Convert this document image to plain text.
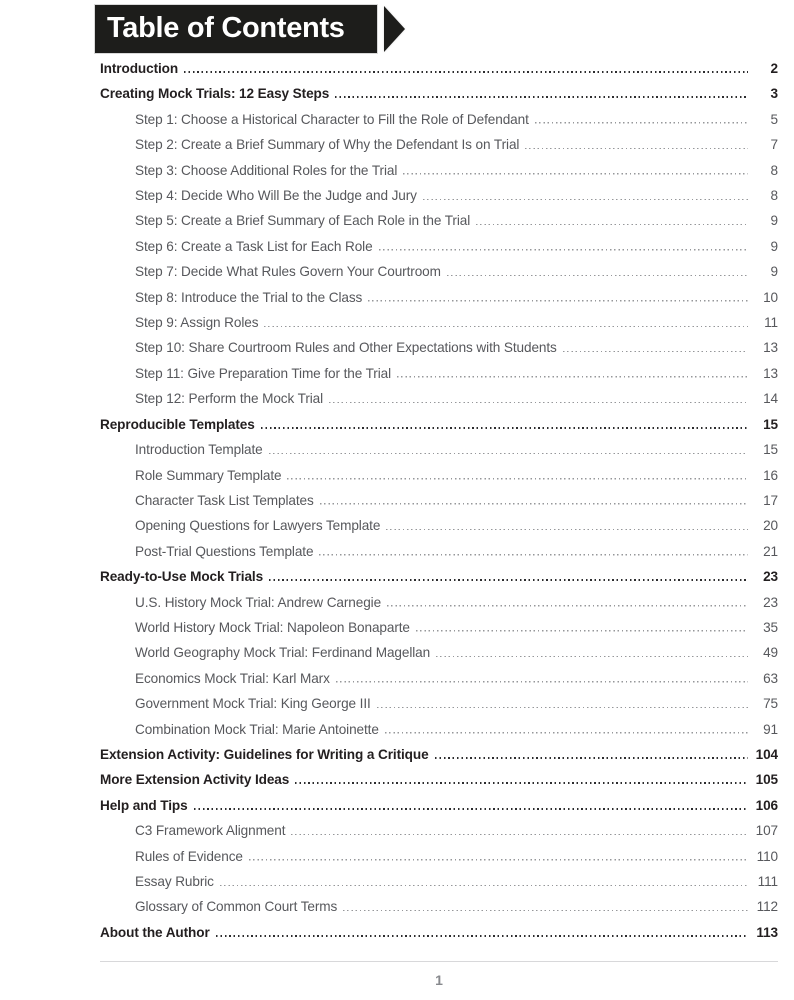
Table of Contents
Introduction	2
Creating Mock Trials: 12 Easy Steps	3
Step 1: Choose a Historical Character to Fill the Role of Defendant	5
Step 2: Create a Brief Summary of Why the Defendant Is on Trial	7
Step 3: Choose Additional Roles for the Trial	8
Step 4: Decide Who Will Be the Judge and Jury	8
Step 5: Create a Brief Summary of Each Role in the Trial	9
Step 6: Create a Task List for Each Role	9
Step 7: Decide What Rules Govern Your Courtroom	9
Step 8: Introduce the Trial to the Class	10
Step 9: Assign Roles	11
Step 10: Share Courtroom Rules and Other Expectations with Students	13
Step 11: Give Preparation Time for the Trial	13
Step 12: Perform the Mock Trial	14
Reproducible Templates	15
Introduction Template	15
Role Summary Template	16
Character Task List Templates	17
Opening Questions for Lawyers Template	20
Post-Trial Questions Template	21
Ready-to-Use Mock Trials	23
U.S. History Mock Trial: Andrew Carnegie	23
World History Mock Trial: Napoleon Bonaparte	35
World Geography Mock Trial: Ferdinand Magellan	49
Economics Mock Trial: Karl Marx	63
Government Mock Trial: King George III	75
Combination Mock Trial: Marie Antoinette	91
Extension Activity: Guidelines for Writing a Critique	104
More Extension Activity Ideas	105
Help and Tips	106
C3 Framework Alignment	107
Rules of Evidence	110
Essay Rubric	111
Glossary of Common Court Terms	112
About the Author	113
1
